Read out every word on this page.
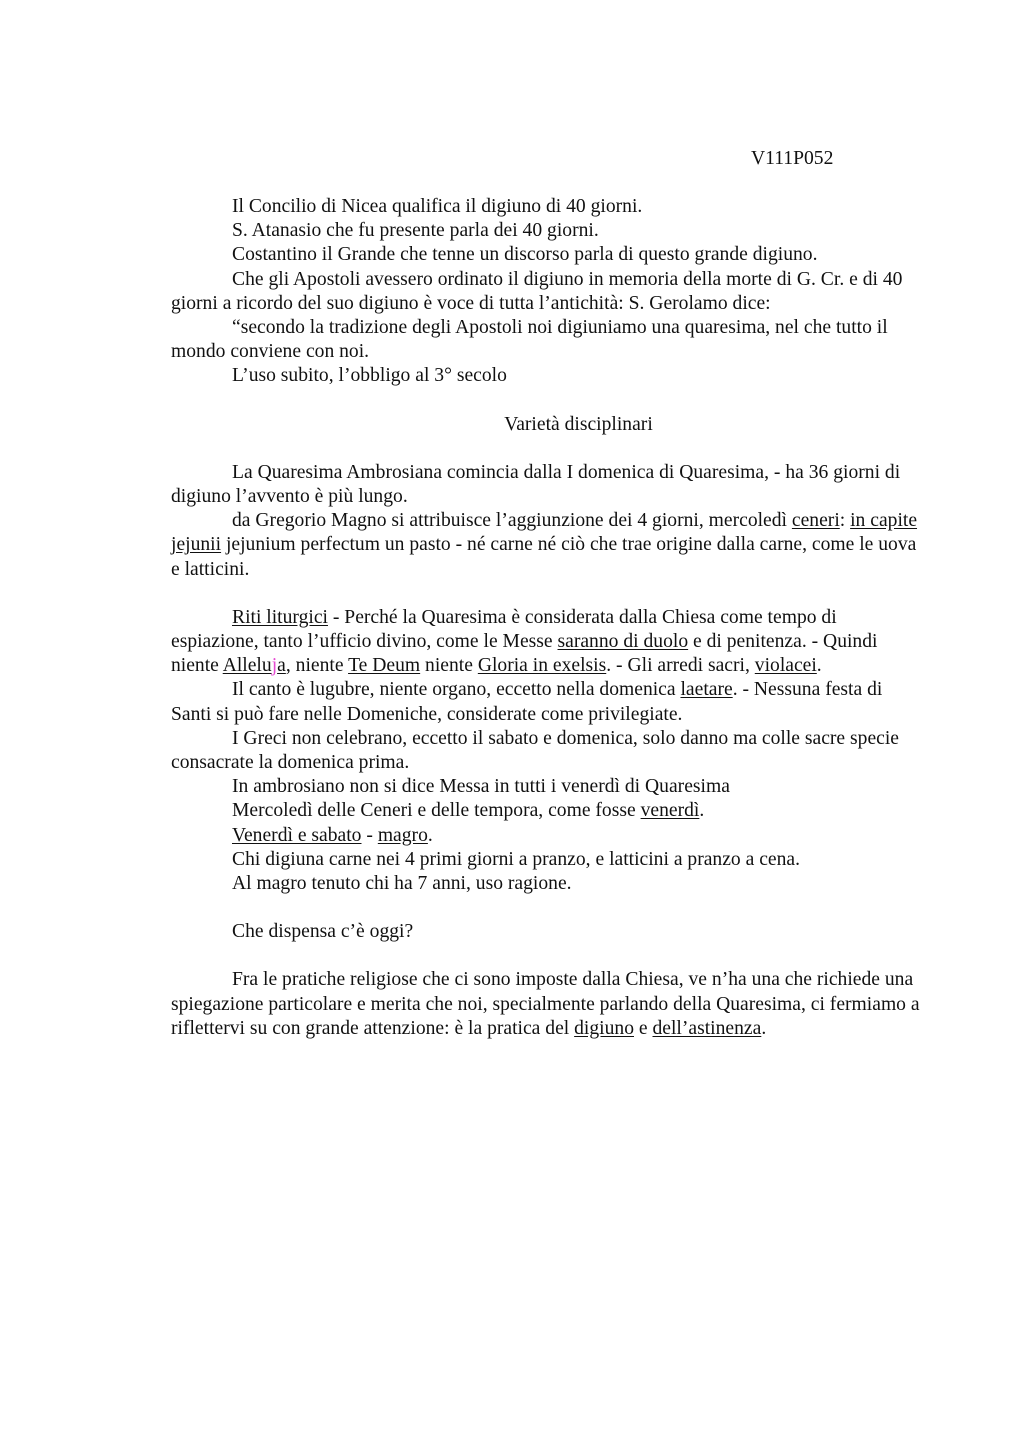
V111P052

Il Concilio di Nicea qualifica il digiuno di 40 giorni.

S. Atanasio che fu presente parla dei 40 giorni.

Costantino il Grande che tenne un discorso parla di questo grande digiuno.

Che gli Apostoli avessero ordinato il digiuno in memoria della morte di G. Cr. e di 40 giorni a ricordo del suo digiuno è voce di tutta l’antichità: S. Gerolamo dice:

“secondo la tradizione degli Apostoli noi digiuniamo una quaresima, nel che tutto il mondo conviene con noi.

L’uso subito, l’obbligo al 3° secolo

Varietà disciplinari

La Quaresima Ambrosiana comincia dalla I domenica di Quaresima, - ha 36 giorni di digiuno l’avvento è più lungo.

da Gregorio Magno si attribuisce l’aggiunzione dei 4 giorni, mercoledì ceneri: in capite jejunii jejunium perfectum un pasto - né carne né ciò che trae origine dalla carne, come le uova e latticini.

Riti liturgici - Perché la Quaresima è considerata dalla Chiesa come tempo di espiazione, tanto l’ufficio divino, come le Messe saranno di duolo e di penitenza. - Quindi niente Alleluja, niente Te Deum niente Gloria in exelsis. - Gli arredi sacri, violacei.

Il canto è lugubre, niente organo, eccetto nella domenica laetare. - Nessuna festa di Santi si può fare nelle Domeniche, considerate come privilegiate.

I Greci non celebrano, eccetto il sabato e domenica, solo danno ma colle sacre specie consacrate la domenica prima.

In ambrosiano non si dice Messa in tutti i venerdì di Quaresima

Mercoledì delle Ceneri e delle tempora, come fosse venerdì.

Venerdì e sabato - magro.

Chi digiuna carne nei 4 primi giorni a pranzo, e latticini a pranzo a cena.

Al magro tenuto chi ha 7 anni, uso ragione.

Che dispensa c’è oggi?

Fra le pratiche religiose che ci sono imposte dalla Chiesa, ve n’ha una che richiede una spiegazione particolare e merita che noi, specialmente parlando della Quaresima, ci fermiamo a riflettervi su con grande attenzione: è la pratica del digiuno e dell’astinenza.
